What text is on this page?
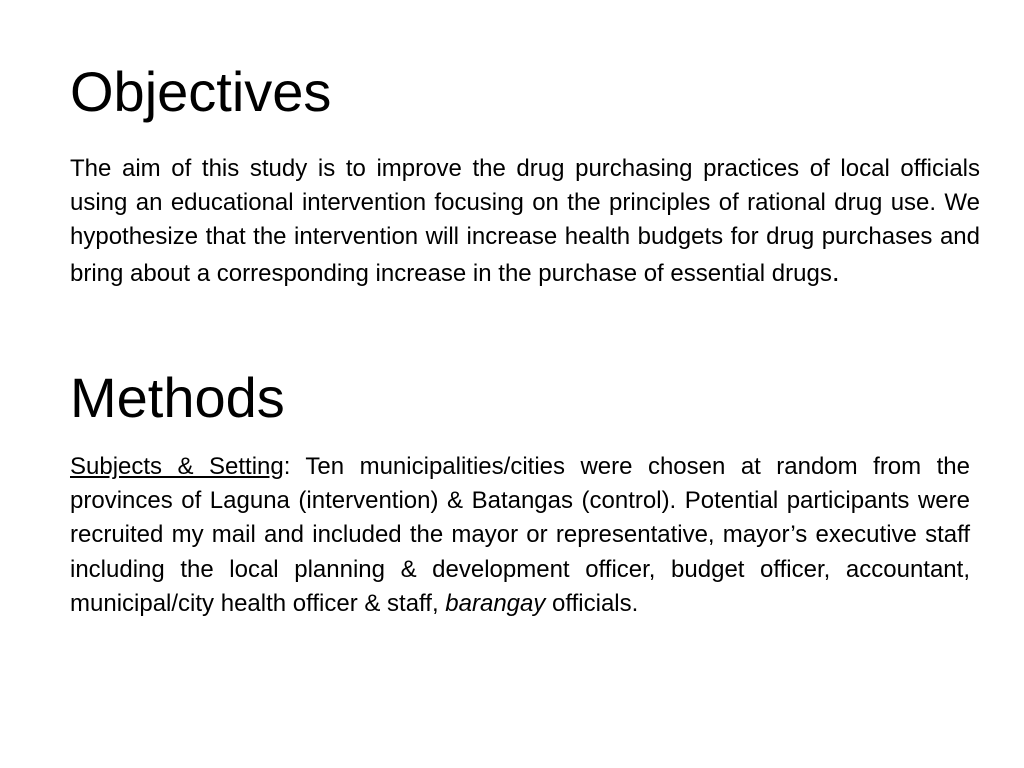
Objectives

The aim of this study is to improve the drug purchasing practices of local officials using an educational intervention focusing on the principles of rational drug use. We hypothesize that the intervention will increase health budgets for drug purchases and bring about a corresponding increase in the purchase of essential drugs.

Methods

Subjects & Setting: Ten municipalities/cities were chosen at random from the provinces of Laguna (intervention) & Batangas (control). Potential participants were recruited my mail and included the mayor or representative, mayor’s executive staff including the local planning & development officer, budget officer, accountant, municipal/city health officer & staff, barangay officials.
